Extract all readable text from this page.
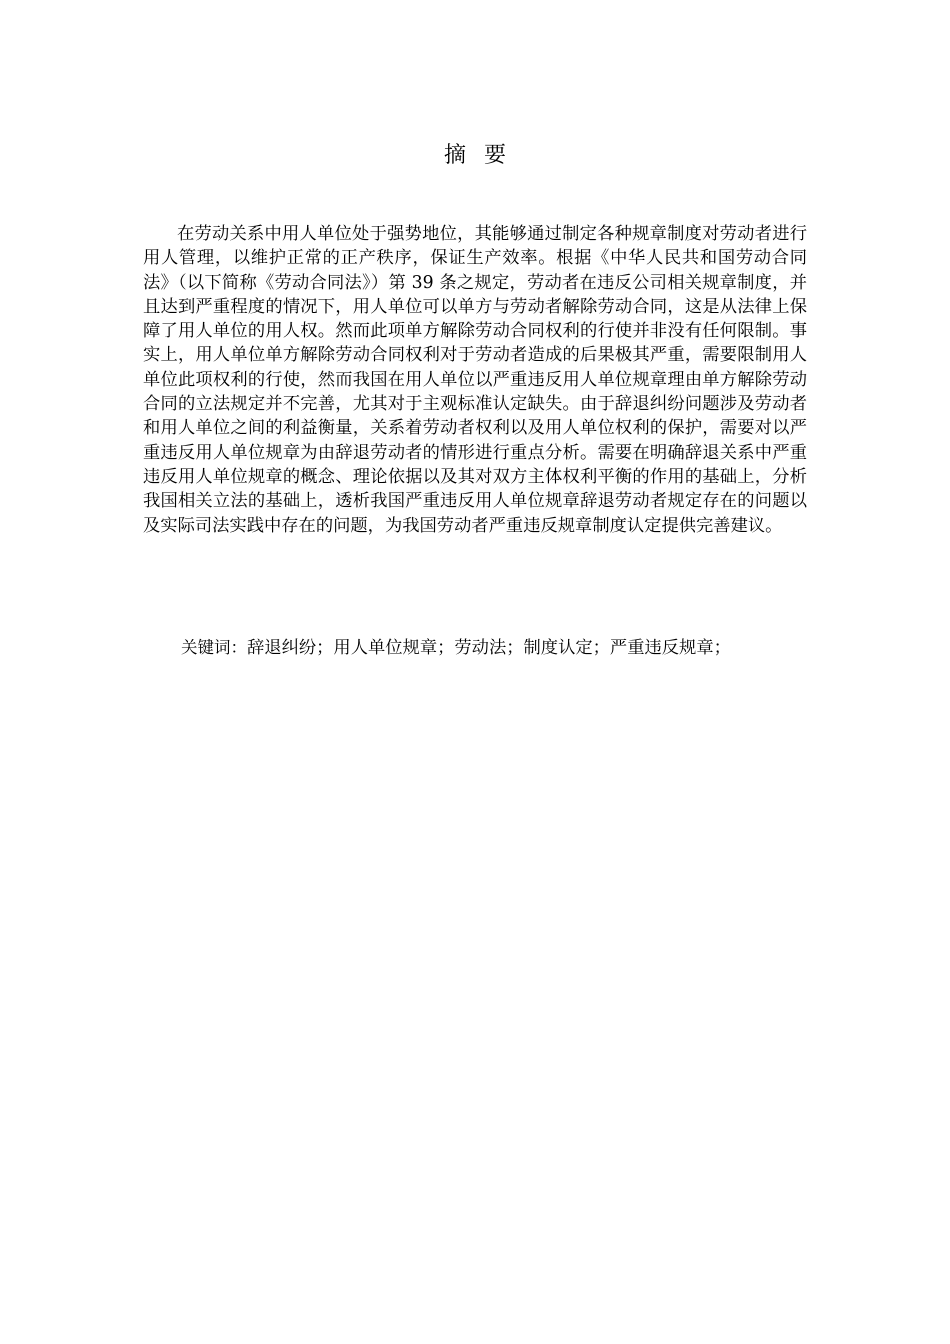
摘要

在劳动关系中用人单位处于强势地位，其能够通过制定各种规章制度对劳动者进行用人管理，以维护正常的正产秩序，保证生产效率。根据《中华人民共和国劳动合同法》（以下简称《劳动合同法》）第 39 条之规定，劳动者在违反公司相关规章制度，并且达到严重程度的情况下，用人单位可以单方与劳动者解除劳动合同，这是从法律上保障了用人单位的用人权。然而此项单方解除劳动合同权利的行使并非没有任何限制。事实上，用人单位单方解除劳动合同权利对于劳动者造成的后果极其严重，需要限制用人单位此项权利的行使，然而我国在用人单位以严重违反用人单位规章理由单方解除劳动合同的立法规定并不完善，尤其对于主观标准认定缺失。由于辞退纠纷问题涉及劳动者和用人单位之间的利益衡量，关系着劳动者权利以及用人单位权利的保护，需要对以严重违反用人单位规章为由辞退劳动者的情形进行重点分析。需要在明确辞退关系中严重违反用人单位规章的概念、理论依据以及其对双方主体权利平衡的作用的基础上，分析我国相关立法的基础上，透析我国严重违反用人单位规章辞退劳动者规定存在的问题以及实际司法实践中存在的问题，为我国劳动者严重违反规章制度认定提供完善建议。

关键词：辞退纠纷；用人单位规章；劳动法；制度认定；严重违反规章；
